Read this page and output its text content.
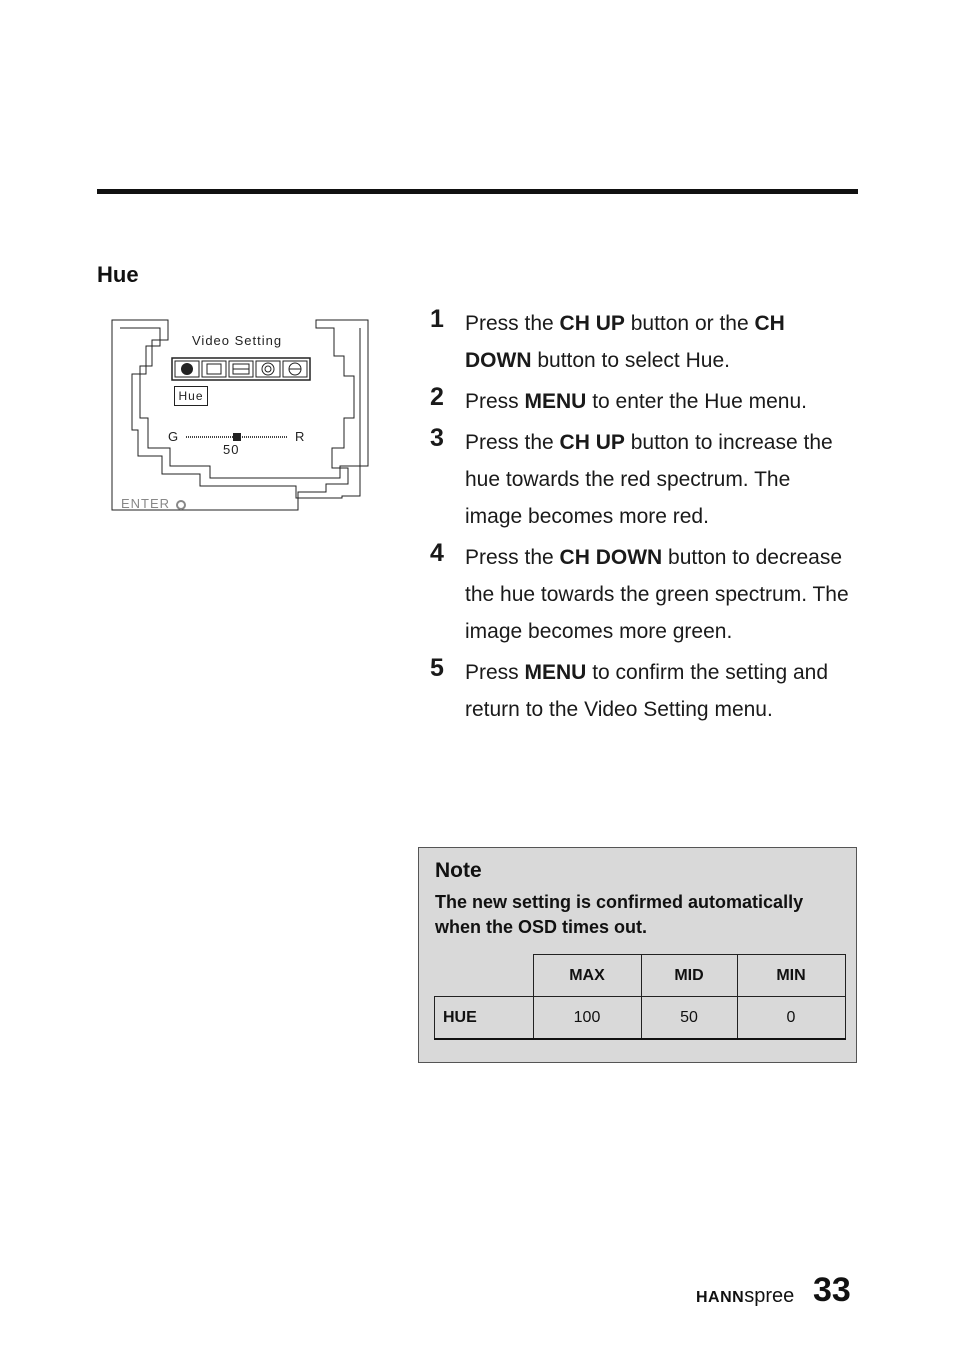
Hue
Video Setting
Hue
G	R
50
ENTER
1 Press the CH UP button or the CH DOWN button to select Hue.
2 Press MENU to enter the Hue menu.
3 Press the CH UP button to increase the hue towards the red spectrum. The image becomes more red.
4 Press the CH DOWN button to decrease the hue towards the green spectrum. The image becomes more green.
5 Press MENU to confirm the setting and return to the Video Setting menu.
Note
The new setting is confirmed automatically when the OSD times out.
	MAX	MID	MIN
HUE	100	50	0
HANNspree 33
